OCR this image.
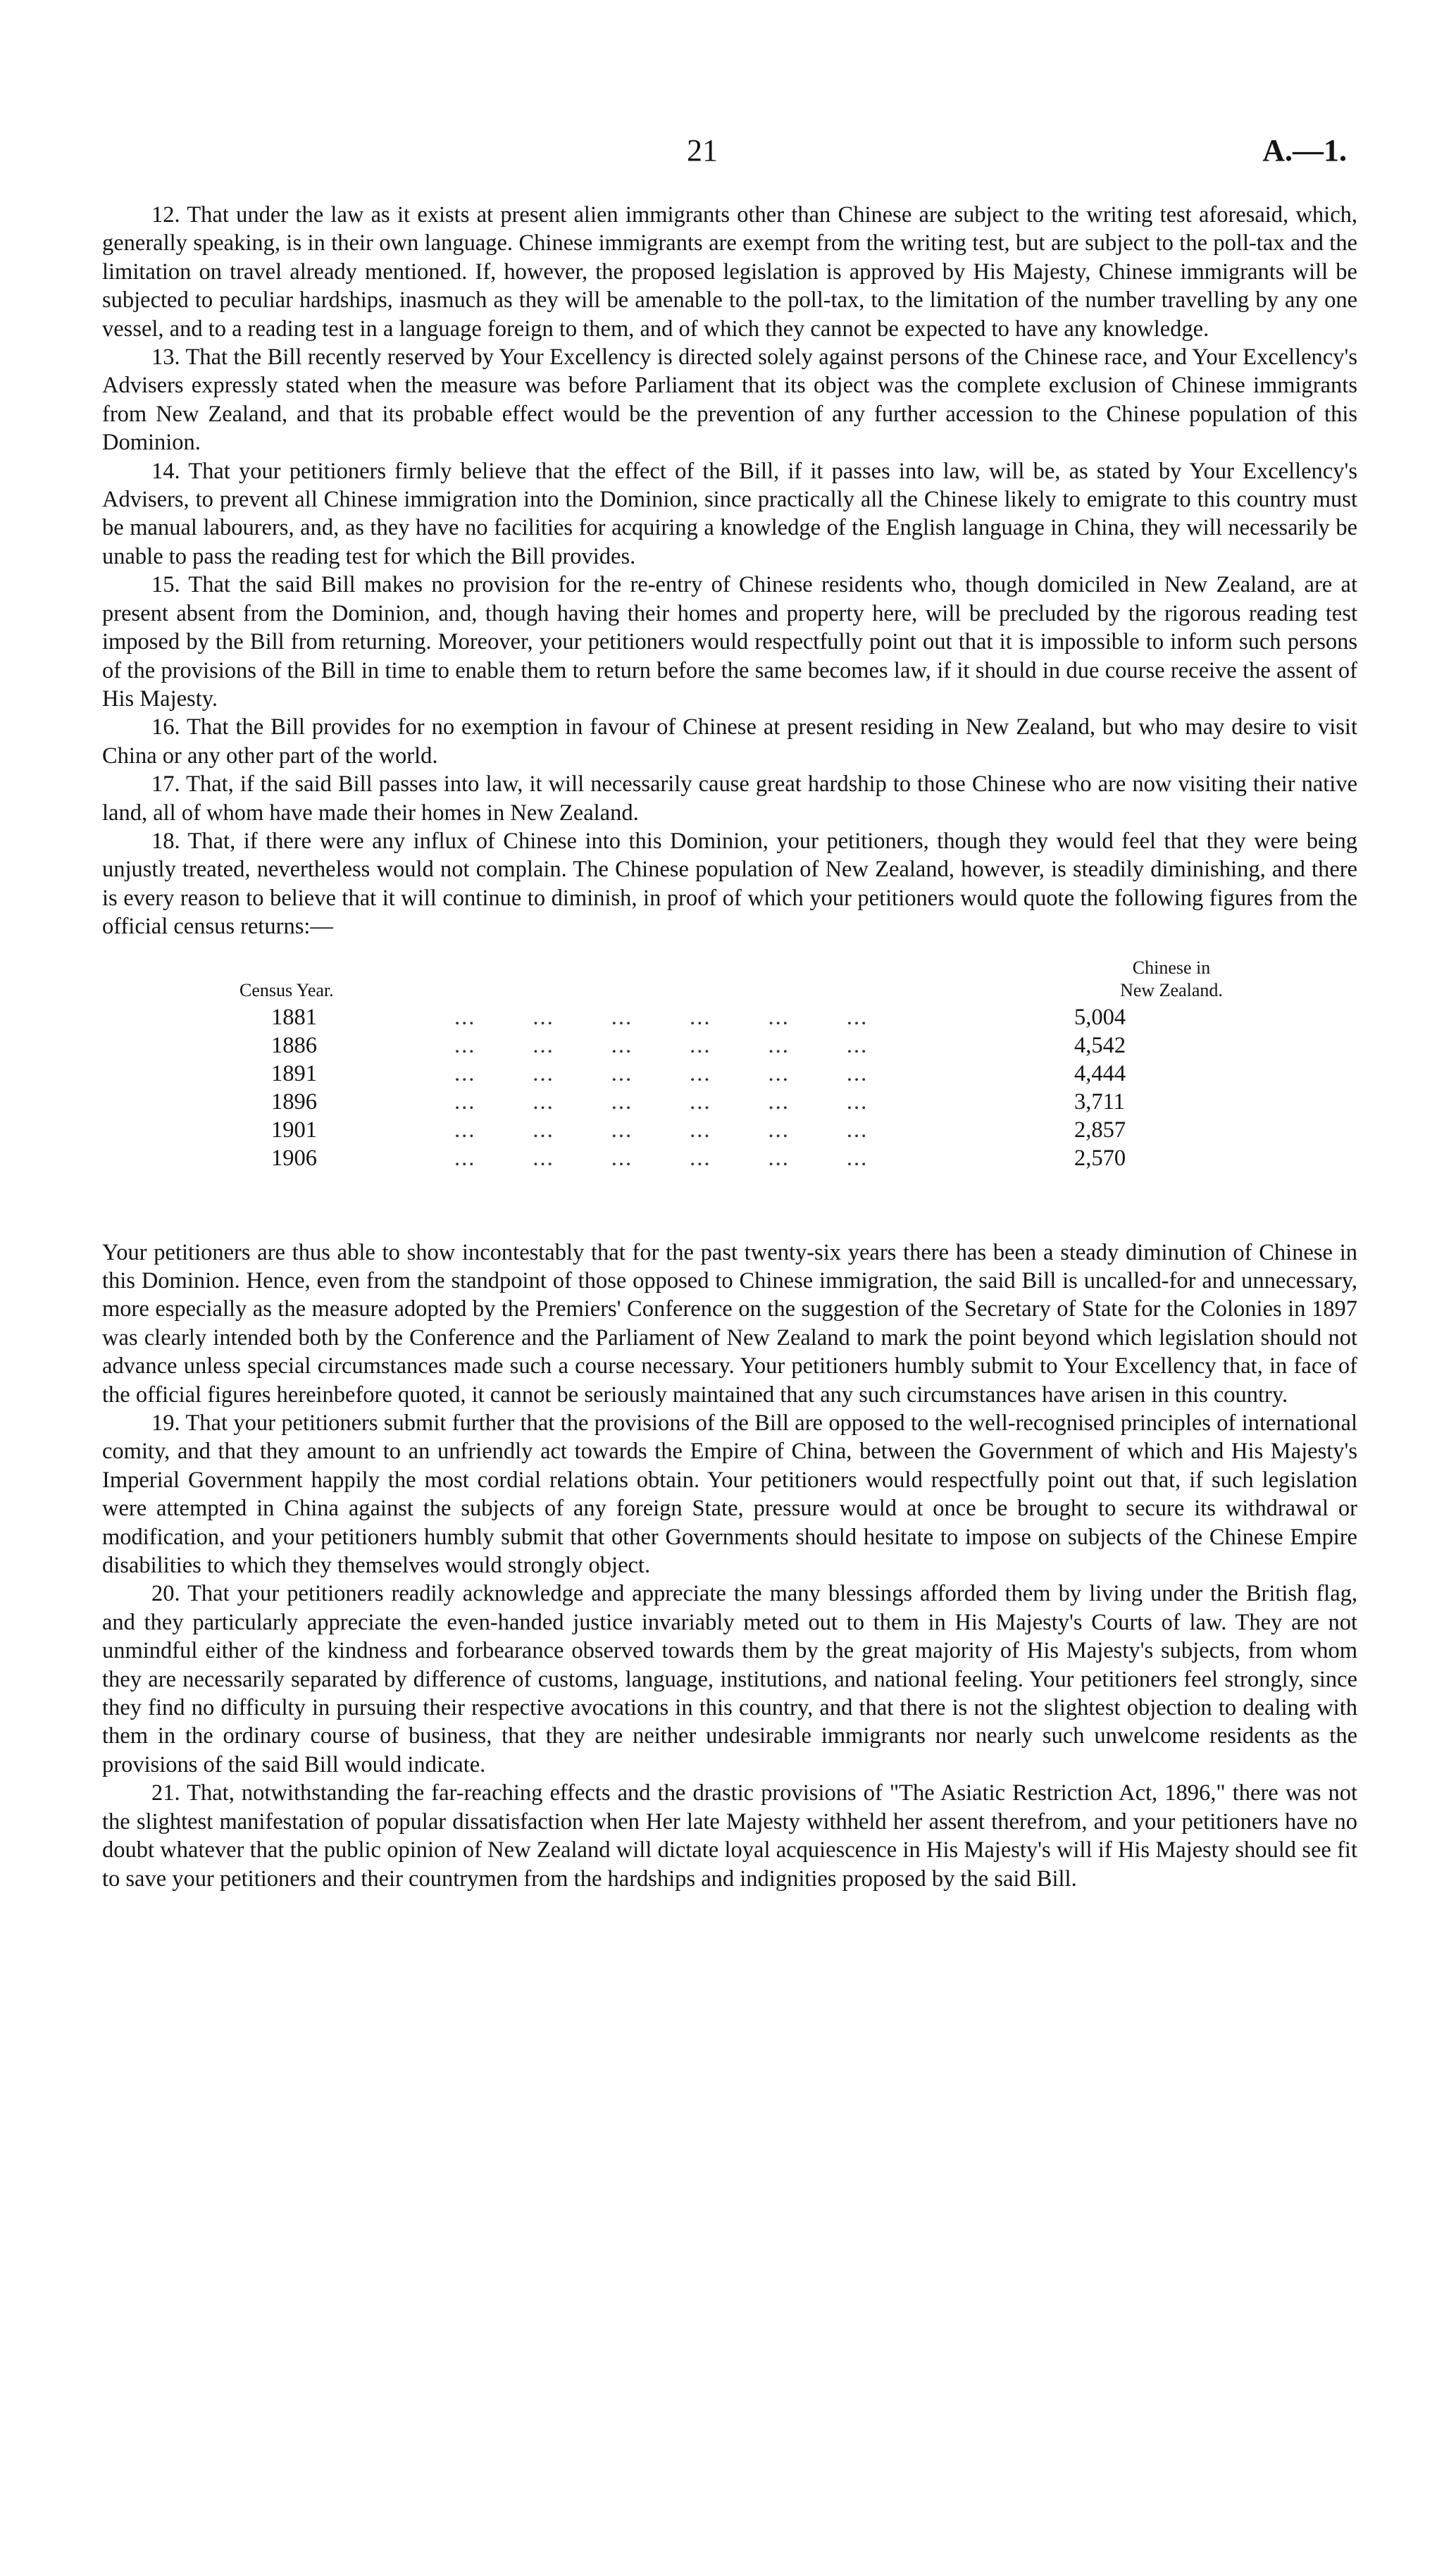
21	A.—1.

12. That under the law as it exists at present alien immigrants other than Chinese are subject to the writing test aforesaid, which, generally speaking, is in their own language. Chinese immigrants are exempt from the writing test, but are subject to the poll-tax and the limitation on travel already mentioned. If, however, the proposed legislation is approved by His Majesty, Chinese immigrants will be subjected to peculiar hardships, inasmuch as they will be amenable to the poll-tax, to the limitation of the number travelling by any one vessel, and to a reading test in a language foreign to them, and of which they cannot be expected to have any knowledge.

13. That the Bill recently reserved by Your Excellency is directed solely against persons of the Chinese race, and Your Excellency's Advisers expressly stated when the measure was before Parliament that its object was the complete exclusion of Chinese immigrants from New Zealand, and that its probable effect would be the prevention of any further accession to the Chinese population of this Dominion.

14. That your petitioners firmly believe that the effect of the Bill, if it passes into law, will be, as stated by Your Excellency's Advisers, to prevent all Chinese immigration into the Dominion, since practically all the Chinese likely to emigrate to this country must be manual labourers, and, as they have no facilities for acquiring a knowledge of the English language in China, they will necessarily be unable to pass the reading test for which the Bill provides.

15. That the said Bill makes no provision for the re-entry of Chinese residents who, though domiciled in New Zealand, are at present absent from the Dominion, and, though having their homes and property here, will be precluded by the rigorous reading test imposed by the Bill from returning. Moreover, your petitioners would respectfully point out that it is impossible to inform such persons of the provisions of the Bill in time to enable them to return before the same becomes law, if it should in due course receive the assent of His Majesty.

16. That the Bill provides for no exemption in favour of Chinese at present residing in New Zealand, but who may desire to visit China or any other part of the world.

17. That, if the said Bill passes into law, it will necessarily cause great hardship to those Chinese who are now visiting their native land, all of whom have made their homes in New Zealand.

18. That, if there were any influx of Chinese into this Dominion, your petitioners, though they would feel that they were being unjustly treated, nevertheless would not complain. The Chinese population of New Zealand, however, is steadily diminishing, and there is every reason to believe that it will continue to diminish, in proof of which your petitioners would quote the following figures from the official census returns:—

Census Year.
Chinese in
New Zealand.
1881	...        ...        ...        ...        ...        ...	5,004
1886	...        ...        ...        ...        ...        ...	4,542
1891	...        ...        ...        ...        ...        ...	4,444
1896	...        ...        ...        ...        ...        ...	3,711
1901	...        ...        ...        ...        ...        ...	2,857
1906	...        ...        ...        ...        ...        ...	2,570

Your petitioners are thus able to show incontestably that for the past twenty-six years there has been a steady diminution of Chinese in this Dominion. Hence, even from the standpoint of those opposed to Chinese immigration, the said Bill is uncalled-for and unnecessary, more especially as the measure adopted by the Premiers' Conference on the suggestion of the Secretary of State for the Colonies in 1897 was clearly intended both by the Conference and the Parliament of New Zealand to mark the point beyond which legislation should not advance unless special circumstances made such a course necessary. Your petitioners humbly submit to Your Excellency that, in face of the official figures hereinbefore quoted, it cannot be seriously maintained that any such circumstances have arisen in this country.

19. That your petitioners submit further that the provisions of the Bill are opposed to the well-recognised principles of international comity, and that they amount to an unfriendly act towards the Empire of China, between the Government of which and His Majesty's Imperial Government happily the most cordial relations obtain. Your petitioners would respectfully point out that, if such legislation were attempted in China against the subjects of any foreign State, pressure would at once be brought to secure its withdrawal or modification, and your petitioners humbly submit that other Governments should hesitate to impose on subjects of the Chinese Empire disabilities to which they themselves would strongly object.

20. That your petitioners readily acknowledge and appreciate the many blessings afforded them by living under the British flag, and they particularly appreciate the even-handed justice invariably meted out to them in His Majesty's Courts of law. They are not unmindful either of the kindness and forbearance observed towards them by the great majority of His Majesty's subjects, from whom they are necessarily separated by difference of customs, language, institutions, and national feeling. Your petitioners feel strongly, since they find no difficulty in pursuing their respective avocations in this country, and that there is not the slightest objection to dealing with them in the ordinary course of business, that they are neither undesirable immigrants nor nearly such unwelcome residents as the provisions of the said Bill would indicate.

21. That, notwithstanding the far-reaching effects and the drastic provisions of "The Asiatic Restriction Act, 1896," there was not the slightest manifestation of popular dissatisfaction when Her late Majesty withheld her assent therefrom, and your petitioners have no doubt whatever that the public opinion of New Zealand will dictate loyal acquiescence in His Majesty's will if His Majesty should see fit to save your petitioners and their countrymen from the hardships and indignities proposed by the said Bill.
